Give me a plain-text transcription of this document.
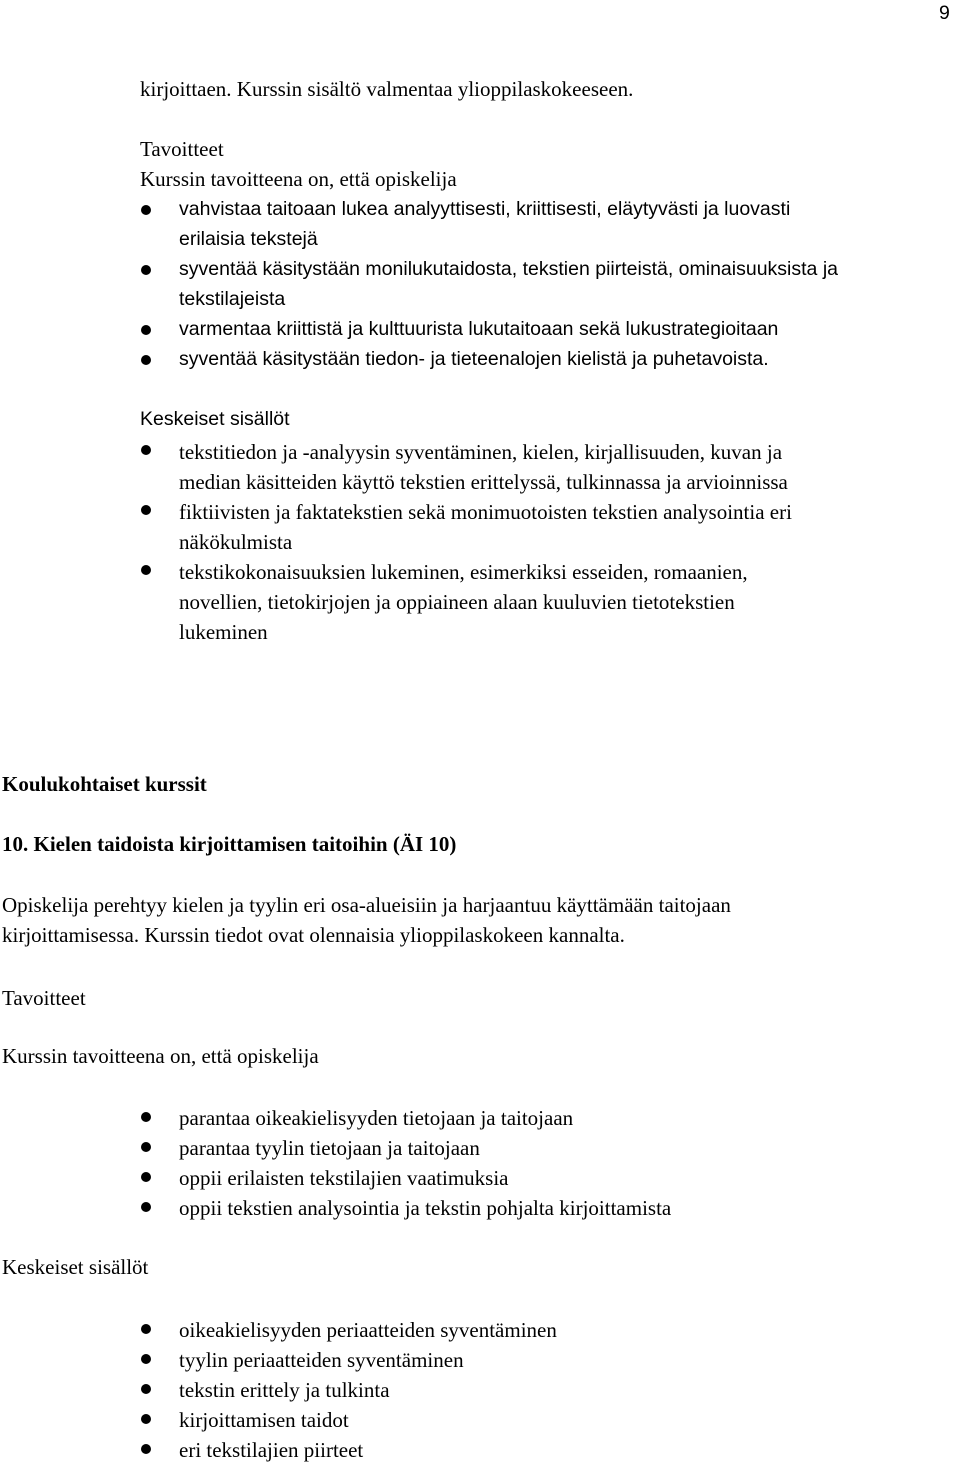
9
kirjoittaen. Kurssin sisältö valmentaa ylioppilaskokeeseen.
Tavoitteet
Kurssin tavoitteena on, että opiskelija
vahvistaa taitoaan lukea analyyttisesti, kriittisesti, eläytyvästi ja luovasti
erilaisia tekstejä
syventää käsitystään monilukutaidosta, tekstien piirteistä, ominaisuuksista ja
tekstilajeista
varmentaa kriittistä ja kulttuurista lukutaitoaan sekä lukustrategioitaan
syventää käsitystään tiedon- ja tieteenalojen kielistä ja puhetavoista.
Keskeiset sisällöt
tekstitiedon ja -analyysin syventäminen, kielen, kirjallisuuden, kuvan ja
median käsitteiden käyttö tekstien erittelyssä, tulkinnassa ja arvioinnissa
fiktiivisten ja faktatekstien sekä monimuotoisten tekstien analysointia eri
näkökulmista
tekstikokonaisuuksien lukeminen, esimerkiksi esseiden, romaanien,
novellien, tietokirjojen ja oppiaineen alaan kuuluvien tietotekstien
lukeminen
Koulukohtaiset kurssit
10. Kielen taidoista kirjoittamisen taitoihin (ÄI 10)
Opiskelija perehtyy kielen ja tyylin eri osa-alueisiin ja harjaantuu käyttämään taitojaan
kirjoittamisessa. Kurssin tiedot ovat olennaisia ylioppilaskokeen kannalta.
Tavoitteet
Kurssin tavoitteena on, että opiskelija
parantaa oikeakielisyyden tietojaan ja taitojaan
parantaa tyylin tietojaan ja taitojaan
oppii erilaisten tekstilajien vaatimuksia
oppii tekstien analysointia ja tekstin pohjalta kirjoittamista
Keskeiset sisällöt
oikeakielisyyden periaatteiden syventäminen
tyylin periaatteiden syventäminen
tekstin erittely ja tulkinta
kirjoittamisen taidot
eri tekstilajien piirteet
